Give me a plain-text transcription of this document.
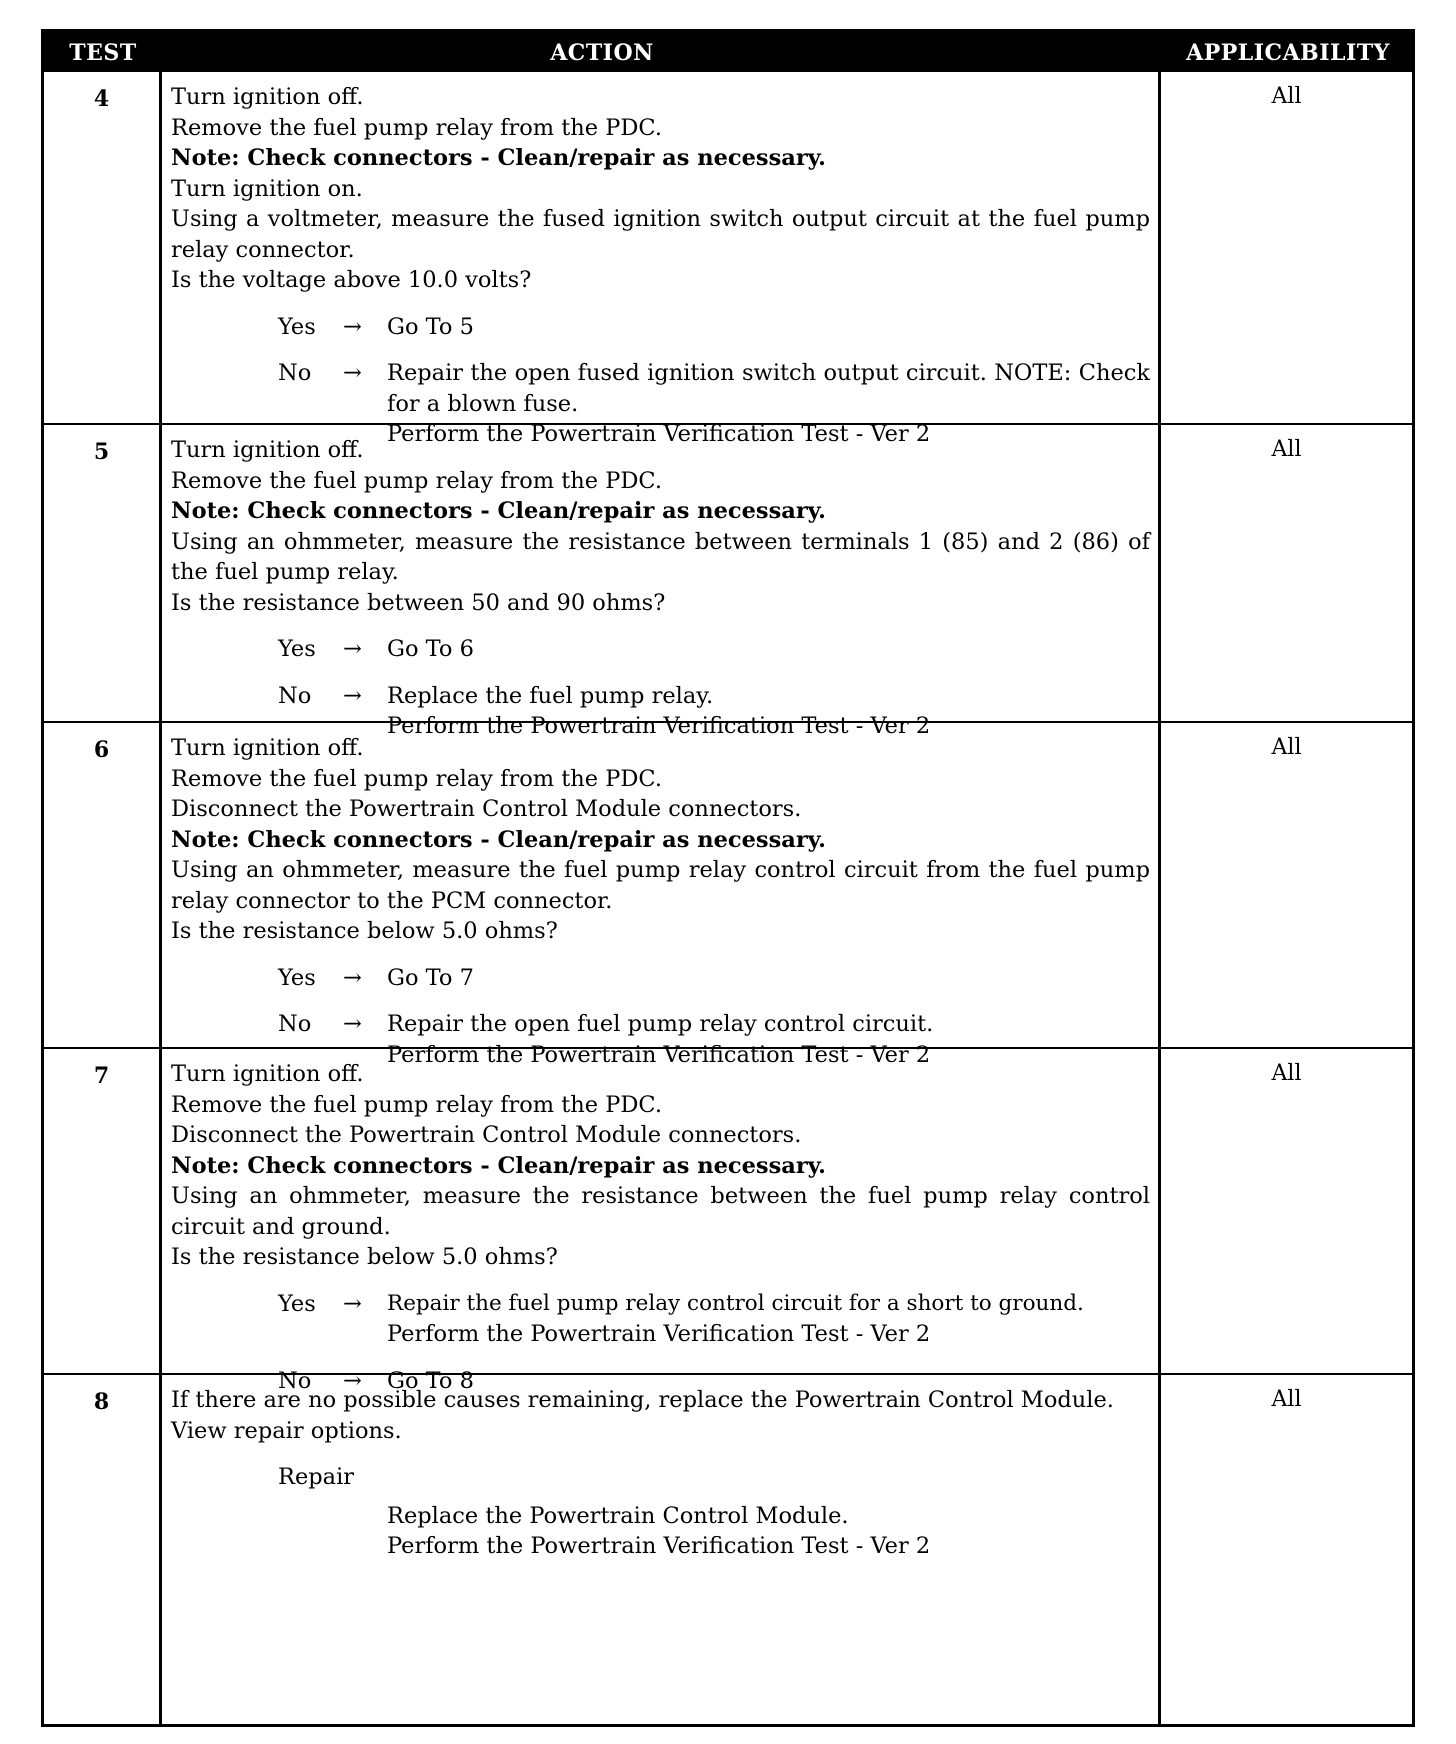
TEST	ACTION	APPLICABILITY
4	Turn ignition off.
Remove the fuel pump relay from the PDC.
Note: Check connectors - Clean/repair as necessary.
Turn ignition on.
Using a voltmeter, measure the fused ignition switch output circuit at the fuel pump relay connector.
Is the voltage above 10.0 volts?
Yes → Go To 5
No → Repair the open fused ignition switch output circuit. NOTE: Check for a blown fuse.
Perform the Powertrain Verification Test - Ver 2
All
5	Turn ignition off.
Remove the fuel pump relay from the PDC.
Note: Check connectors - Clean/repair as necessary.
Using an ohmmeter, measure the resistance between terminals 1 (85) and 2 (86) of the fuel pump relay.
Is the resistance between 50 and 90 ohms?
Yes → Go To 6
No → Replace the fuel pump relay.
Perform the Powertrain Verification Test - Ver 2
All
6	Turn ignition off.
Remove the fuel pump relay from the PDC.
Disconnect the Powertrain Control Module connectors.
Note: Check connectors - Clean/repair as necessary.
Using an ohmmeter, measure the fuel pump relay control circuit from the fuel pump relay connector to the PCM connector.
Is the resistance below 5.0 ohms?
Yes → Go To 7
No → Repair the open fuel pump relay control circuit.
Perform the Powertrain Verification Test - Ver 2
All
7	Turn ignition off.
Remove the fuel pump relay from the PDC.
Disconnect the Powertrain Control Module connectors.
Note: Check connectors - Clean/repair as necessary.
Using an ohmmeter, measure the resistance between the fuel pump relay control circuit and ground.
Is the resistance below 5.0 ohms?
Yes → Repair the fuel pump relay control circuit for a short to ground.
Perform the Powertrain Verification Test - Ver 2
No → Go To 8
All
8	If there are no possible causes remaining, replace the Powertrain Control Module.
View repair options.
Repair
Replace the Powertrain Control Module.
Perform the Powertrain Verification Test - Ver 2
All
